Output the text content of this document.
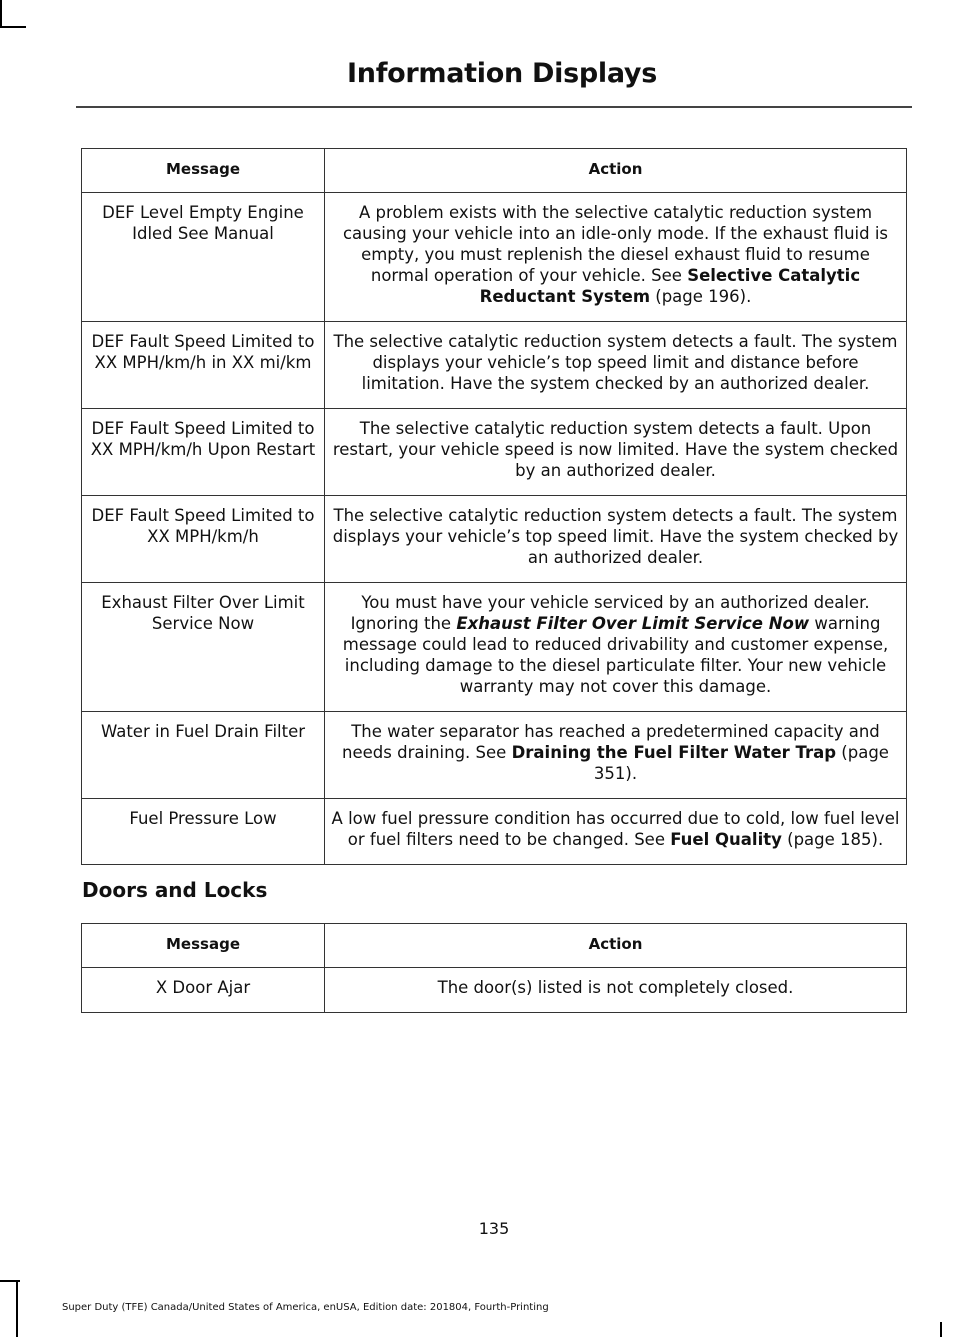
Information Displays
Message	Action
DEF Level Empty Engine Idled See Manual	A problem exists with the selective catalytic reduction system causing your vehicle into an idle-only mode. If the exhaust fluid is empty, you must replenish the diesel exhaust fluid to resume normal operation of your vehicle. See Selective Catalytic Reductant System (page 196).
DEF Fault Speed Limited to XX MPH/km/h in XX mi/km	The selective catalytic reduction system detects a fault. The system displays your vehicle’s top speed limit and distance before limitation. Have the system checked by an authorized dealer.
DEF Fault Speed Limited to XX MPH/km/h Upon Restart	The selective catalytic reduction system detects a fault. Upon restart, your vehicle speed is now limited. Have the system checked by an authorized dealer.
DEF Fault Speed Limited to XX MPH/km/h	The selective catalytic reduction system detects a fault. The system displays your vehicle’s top speed limit. Have the system checked by an authorized dealer.
Exhaust Filter Over Limit Service Now	You must have your vehicle serviced by an authorized dealer. Ignoring the Exhaust Filter Over Limit Service Now warning message could lead to reduced drivability and customer expense, including damage to the diesel particulate filter. Your new vehicle warranty may not cover this damage.
Water in Fuel Drain Filter	The water separator has reached a predetermined capacity and needs draining. See Draining the Fuel Filter Water Trap (page 351).
Fuel Pressure Low	A low fuel pressure condition has occurred due to cold, low fuel level or fuel filters need to be changed. See Fuel Quality (page 185).
Doors and Locks
Message	Action
X Door Ajar	The door(s) listed is not completely closed.
135
Super Duty (TFE) Canada/United States of America, enUSA, Edition date: 201804, Fourth-Printing
